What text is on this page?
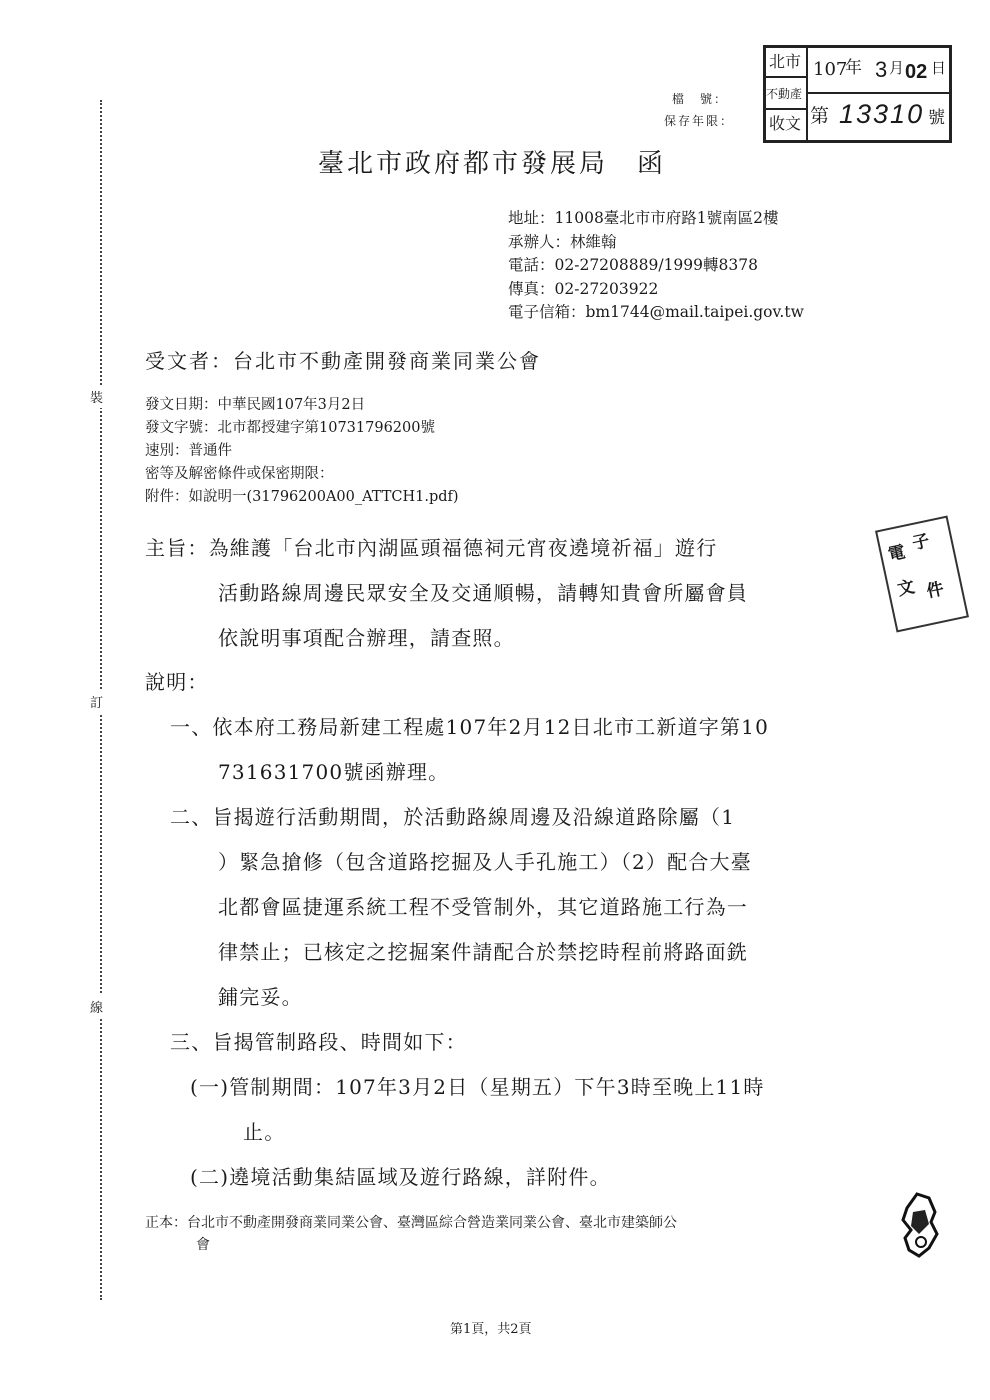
裝
訂
線
檔　號：
保存年限：
北市
不動產
收文
107
年 3 月 02 日
第 13310 號
臺北市政府都市發展局　函
地址：11008臺北市市府路1號南區2樓
承辦人：林維翰
電話：02-27208889/1999轉8378
傳真：02-27203922
電子信箱：bm1744@mail.taipei.gov.tw
受文者：台北市不動產開發商業同業公會
發文日期：中華民國107年3月2日
發文字號：北市都授建字第10731796200號
速別：普通件
密等及解密條件或保密期限：
附件：如說明一(31796200A00_ATTCH1.pdf)
主旨：為維護「台北市內湖區頭福德祠元宵夜遶境祈福」遊行
活動路線周邊民眾安全及交通順暢，請轉知貴會所屬會員
依說明事項配合辦理，請查照。
說明：
一、依本府工務局新建工程處107年2月12日北市工新道字第10
731631700號函辦理。
二、旨揭遊行活動期間，於活動路線周邊及沿線道路除屬（1
）緊急搶修（包含道路挖掘及人手孔施工）（2）配合大臺
北都會區捷運系統工程不受管制外，其它道路施工行為一
律禁止；已核定之挖掘案件請配合於禁挖時程前將路面銑
鋪完妥。
三、旨揭管制路段、時間如下：
(一)管制期間：107年3月2日（星期五）下午3時至晚上11時
止。
(二)遶境活動集結區域及遊行路線，詳附件。
正本：台北市不動產開發商業同業公會、臺灣區綜合營造業同業公會、臺北市建築師公
會
電 子
文 件
第1頁，共2頁
